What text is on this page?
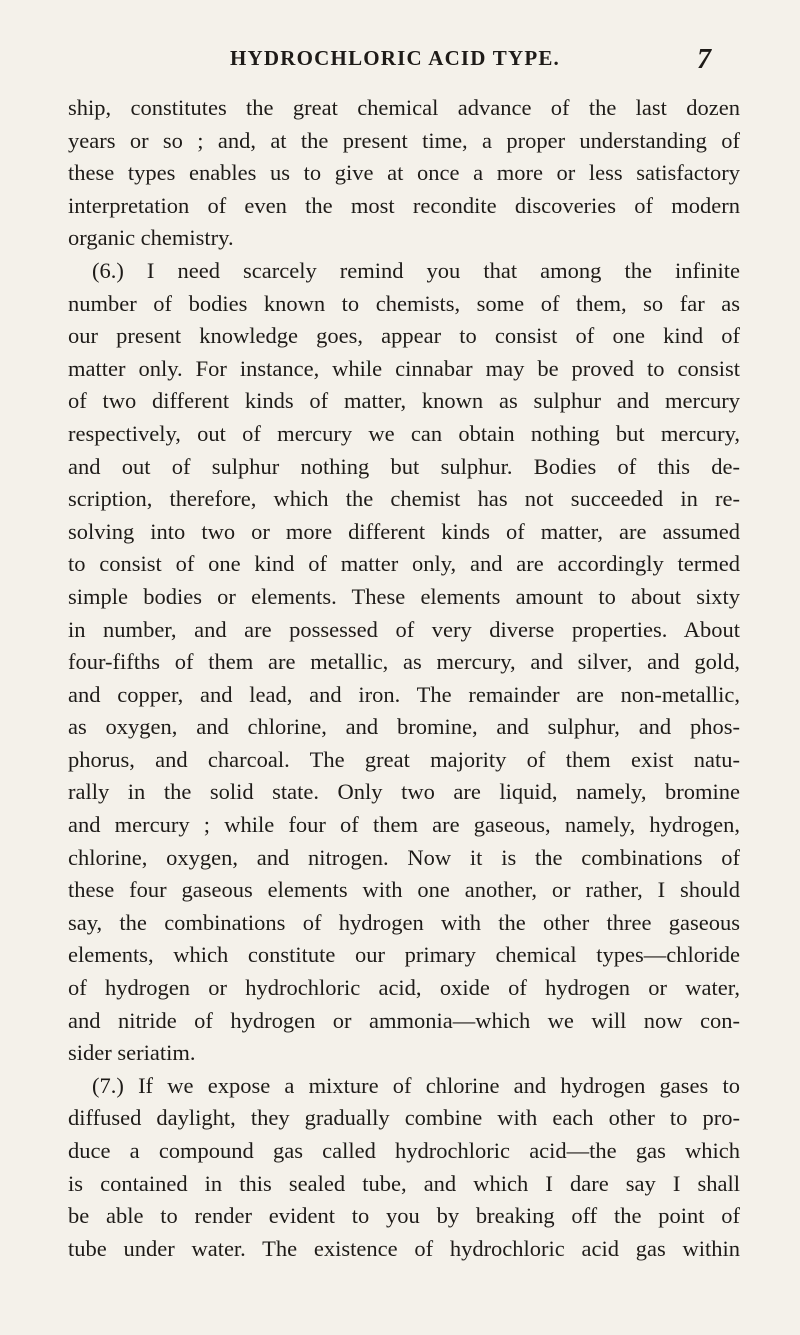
HYDROCHLORIC ACID TYPE.	7
ship, constitutes the great chemical advance of the last dozen
years or so ; and, at the present time, a proper understanding of
these types enables us to give at once a more or less satisfactory
interpretation of even the most recondite discoveries of modern
organic chemistry.
(6.) I need scarcely remind you that among the infinite
number of bodies known to chemists, some of them, so far as
our present knowledge goes, appear to consist of one kind of
matter only. For instance, while cinnabar may be proved to consist
of two different kinds of matter, known as sulphur and mercury
respectively, out of mercury we can obtain nothing but mercury,
and out of sulphur nothing but sulphur. Bodies of this de-
scription, therefore, which the chemist has not succeeded in re-
solving into two or more different kinds of matter, are assumed
to consist of one kind of matter only, and are accordingly termed
simple bodies or elements. These elements amount to about sixty
in number, and are possessed of very diverse properties. About
four-fifths of them are metallic, as mercury, and silver, and gold,
and copper, and lead, and iron. The remainder are non-metallic,
as oxygen, and chlorine, and bromine, and sulphur, and phos-
phorus, and charcoal. The great majority of them exist natu-
rally in the solid state. Only two are liquid, namely, bromine
and mercury ; while four of them are gaseous, namely, hydrogen,
chlorine, oxygen, and nitrogen. Now it is the combinations of
these four gaseous elements with one another, or rather, I should
say, the combinations of hydrogen with the other three gaseous
elements, which constitute our primary chemical types—chloride
of hydrogen or hydrochloric acid, oxide of hydrogen or water,
and nitride of hydrogen or ammonia—which we will now con-
sider seriatim.
(7.) If we expose a mixture of chlorine and hydrogen gases to
diffused daylight, they gradually combine with each other to pro-
duce a compound gas called hydrochloric acid—the gas which
is contained in this sealed tube, and which I dare say I shall
be able to render evident to you by breaking off the point of
tube under water. The existence of hydrochloric acid gas within
